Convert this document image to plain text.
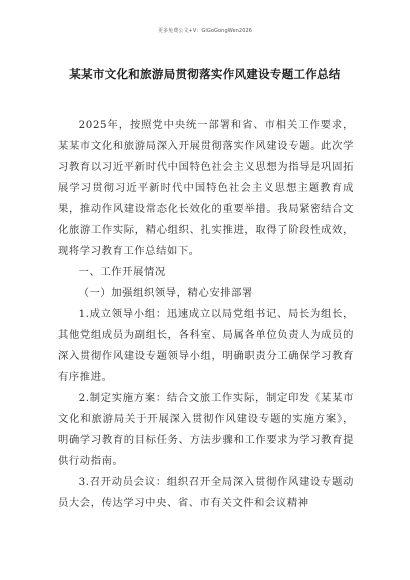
更多免费公文+V：GiGoGongWen2026
某某市文化和旅游局贯彻落实作风建设专题工作总结

2025年，按照党中央统一部署和省、市相关工作要求，某某市文化和旅游局深入开展贯彻落实作风建设专题。此次学习教育以习近平新时代中国特色社会主义思想为指导是巩固拓展学习贯彻习近平新时代中国特色社会主义思想主题教育成果，推动作风建设常态化长效化的重要举措。我局紧密结合文化旅游工作实际，精心组织、扎实推进，取得了阶段性成效，现将学习教育工作总结如下。

一、工作开展情况

（一）加强组织领导，精心安排部署

1.成立领导小组：迅速成立以局党组书记、局长为组长，其他党组成员为副组长，各科室、局属各单位负责人为成员的深入贯彻作风建设专题领导小组，明确职责分工确保学习教育有序推进。

2.制定实施方案：结合文旅工作实际，制定印发《某某市文化和旅游局关于开展深入贯彻作风建设专题的实施方案》，明确学习教育的目标任务、方法步骤和工作要求为学习教育提供行动指南。

3.召开动员会议：组织召开全局深入贯彻作风建设专题动员大会，传达学习中央、省、市有关文件和会议精神
